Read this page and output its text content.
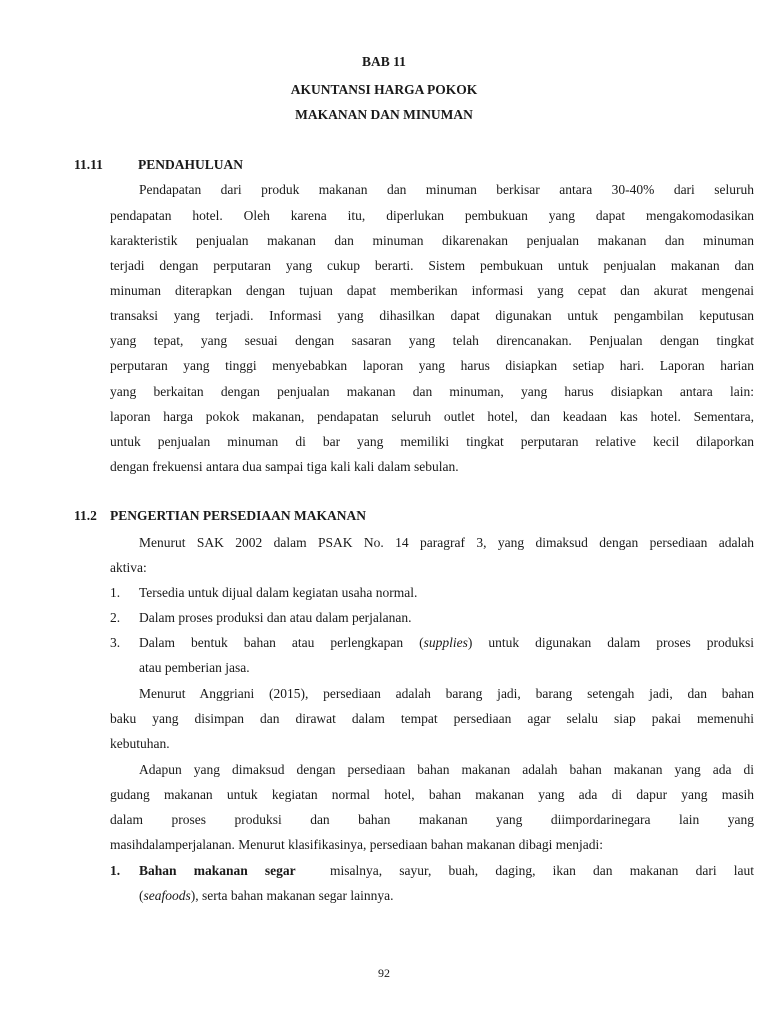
BAB 11
AKUNTANSI HARGA POKOK
MAKANAN DAN MINUMAN
11.11	PENDAHULUAN
Pendapatan dari produk makanan dan minuman berkisar antara 30-40% dari seluruh
pendapatan hotel. Oleh karena itu, diperlukan pembukuan yang dapat mengakomodasikan
karakteristik penjualan makanan dan minuman dikarenakan penjualan makanan dan minuman
terjadi dengan perputaran yang cukup berarti. Sistem pembukuan untuk penjualan makanan dan
minuman diterapkan dengan tujuan dapat memberikan informasi yang cepat dan akurat mengenai
transaksi yang terjadi. Informasi yang dihasilkan dapat digunakan untuk pengambilan keputusan
yang tepat, yang sesuai dengan sasaran yang telah direncanakan. Penjualan dengan tingkat
perputaran yang tinggi menyebabkan laporan yang harus disiapkan setiap hari. Laporan harian
yang berkaitan dengan penjualan makanan dan minuman, yang harus disiapkan antara lain:
laporan harga pokok makanan, pendapatan seluruh outlet hotel, dan keadaan kas hotel. Sementara,
untuk penjualan minuman di bar yang memiliki tingkat perputaran relative kecil dilaporkan
dengan frekuensi antara dua sampai tiga kali kali dalam sebulan.
11.2 PENGERTIAN PERSEDIAAN MAKANAN
Menurut SAK 2002 dalam PSAK No. 14 paragraf 3, yang dimaksud dengan persediaan adalah
aktiva:
1. Tersedia untuk dijual dalam kegiatan usaha normal.
2. Dalam proses produksi dan atau dalam perjalanan.
3. Dalam bentuk bahan atau perlengkapan (supplies) untuk digunakan dalam proses produksi
atau pemberian jasa.
Menurut Anggriani (2015), persediaan adalah barang jadi, barang setengah jadi, dan bahan
baku yang disimpan dan dirawat dalam tempat persediaan agar selalu siap pakai memenuhi
kebutuhan.
Adapun yang dimaksud dengan persediaan bahan makanan adalah bahan makanan yang ada di
gudang makanan untuk kegiatan normal hotel, bahan makanan yang ada di dapur yang masih
dalam proses produksi dan bahan makanan yang diimpordarinegara lain yang
masihdalamperjalanan. Menurut klasifikasinya, persediaan bahan makanan dibagi menjadi:
1. Bahan makanan segar	misalnya, sayur, buah, daging, ikan dan makanan dari laut
(seafoods), serta bahan makanan segar lainnya.
92
